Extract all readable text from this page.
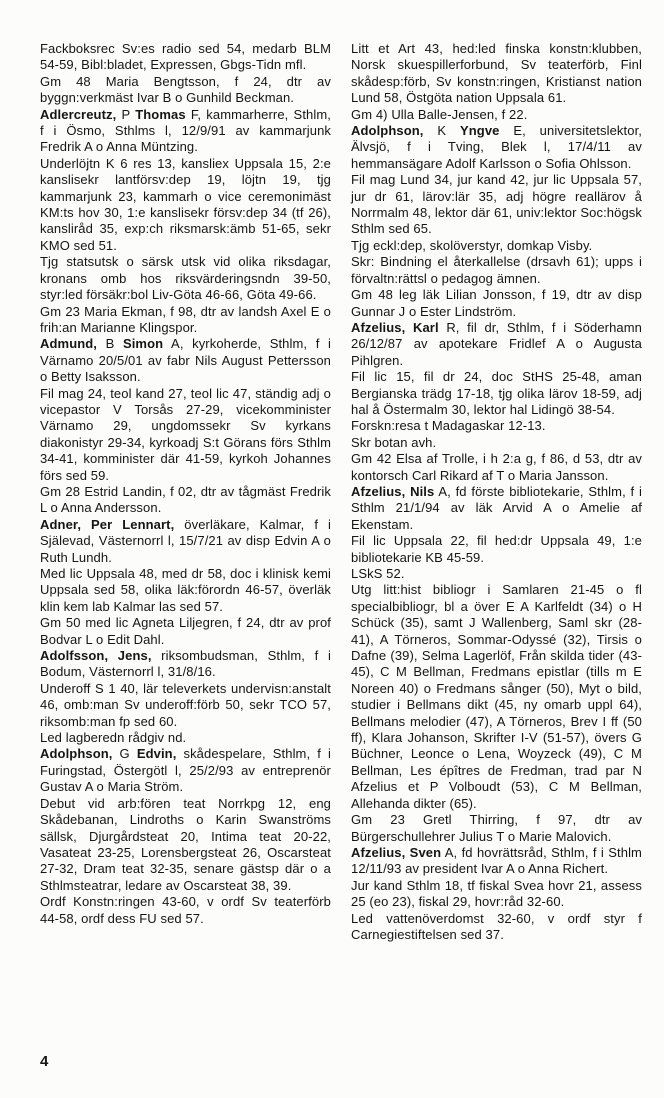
Fackboksrec Sv:es radio sed 54, medarb BLM 54-59, Bibl:bladet, Expressen, Gbgs-Tidn mfl.

Gm 48 Maria Bengtsson, f 24, dtr av byggn:verkmäst Ivar B o Gunhild Beckman.

Adlercreutz, P Thomas F, kammarherre, Sthlm, f i Ösmo, Sthlms l, 12/9/91 av kammarjunk Fredrik A o Anna Müntzing.

Underlöjtn K 6 res 13, kansliex Uppsala 15, 2:e kanslisekr lantförsv:dep 19, löjtn 19, tjg kammarjunk 23, kammarh o vice ceremonimäst KM:ts hov 30, 1:e kanslisekr försv:dep 34 (tf 26), kansliråd 35, exp:ch riksmarsk:ämb 51-65, sekr KMO sed 51.

Tjg statsutsk o särsk utsk vid olika riksdagar, kronans omb hos riksvärderingsndn 39-50, styr:led försäkr:bol Liv-Göta 46-66, Göta 49-66.

Gm 23 Maria Ekman, f 98, dtr av landsh Axel E o frih:an Marianne Klingspor.

Admund, B Simon A, kyrkoherde, Sthlm, f i Värnamo 20/5/01 av fabr Nils August Pettersson o Betty Isaksson.

Fil mag 24, teol kand 27, teol lic 47, ständig adj o vicepastor V Torsås 27-29, vicekomminister Värnamo 29, ungdomssekr Sv kyrkans diakonistyr 29-34, kyrkoadj S:t Görans förs Sthlm 34-41, komminister där 41-59, kyrkoh Johannes förs sed 59.

Gm 28 Estrid Landin, f 02, dtr av tågmäst Fredrik L o Anna Andersson.

Adner, Per Lennart, överläkare, Kalmar, f i Själevad, Västernorrl l, 15/7/21 av disp Edvin A o Ruth Lundh.

Med lic Uppsala 48, med dr 58, doc i klinisk kemi Uppsala sed 58, olika läk:förordn 46-57, överläk klin kem lab Kalmar las sed 57.

Gm 50 med lic Agneta Liljegren, f 24, dtr av prof Bodvar L o Edit Dahl.

Adolfsson, Jens, riksombudsman, Sthlm, f i Bodum, Västernorrl l, 31/8/16.

Underoff S 1 40, lär televerkets undervisn:anstalt 46, omb:man Sv underoff:förb 50, sekr TCO 57, riksomb:man fp sed 60.

Led lagberedn rådgiv nd.

Adolphson, G Edvin, skådespelare, Sthlm, f i Furingstad, Östergötl l, 25/2/93 av entreprenör Gustav A o Maria Ström.

Debut vid arb:fören teat Norrkpg 12, eng Skådebanan, Lindroths o Karin Swanströms sällsk, Djurgårdsteat 20, Intima teat 20-22, Vasateat 23-25, Lorensbergsteat 26, Oscarsteat 27-32, Dram teat 32-35, senare gästsp där o a Sthlmsteatrar, ledare av Oscarsteat 38, 39.

Ordf Konstn:ringen 43-60, v ordf Sv teaterförb 44-58, ordf dess FU sed 57.

Litt et Art 43, hed:led finska konstn:klubben, Norsk skuespillerforbund, Sv teaterförb, Finl skådesp:förb, Sv konstn:ringen, Kristianst nation Lund 58, Östgöta nation Uppsala 61.

Gm 4) Ulla Balle-Jensen, f 22.

Adolphson, K Yngve E, universitetslektor, Älvsjö, f i Tving, Blek l, 17/4/11 av hemmansägare Adolf Karlsson o Sofia Ohlsson.

Fil mag Lund 34, jur kand 42, jur lic Uppsala 57, jur dr 61, lärov:lär 35, adj högre reallärov å Norrmalm 48, lektor där 61, univ:lektor Soc:högsk Sthlm sed 65.

Tjg eckl:dep, skolöverstyr, domkap Visby.

Skr: Bindning el återkallelse (drsavh 61); upps i förvaltn:rättsl o pedagog ämnen.

Gm 48 leg läk Lilian Jonsson, f 19, dtr av disp Gunnar J o Ester Lindström.

Afzelius, Karl R, fil dr, Sthlm, f i Söderhamn 26/12/87 av apotekare Fridlef A o Augusta Pihlgren.

Fil lic 15, fil dr 24, doc StHS 25-48, aman Bergianska trädg 17-18, tjg olika lärov 18-59, adj hal å Östermalm 30, lektor hal Lidingö 38-54.

Forskn:resa t Madagaskar 12-13.

Skr botan avh.

Gm 42 Elsa af Trolle, i h 2:a g, f 86, d 53, dtr av kontorsch Carl Rikard af T o Maria Jansson.

Afzelius, Nils A, fd förste bibliotekarie, Sthlm, f i Sthlm 21/1/94 av läk Arvid A o Amelie af Ekenstam.

Fil lic Uppsala 22, fil hed:dr Uppsala 49, 1:e bibliotekarie KB 45-59.

LSkS 52.

Utg litt:hist bibliogr i Samlaren 21-45 o fl specialbibliogr, bl a över E A Karlfeldt (34) o H Schück (35), samt J Wallenberg, Saml skr (28-41), A Törneros, Sommar-Odyssé (32), Tirsis o Dafne (39), Selma Lagerlöf, Från skilda tider (43-45), C M Bellman, Fredmans epistlar (tills m E Noreen 40) o Fredmans sånger (50), Myt o bild, studier i Bellmans dikt (45, ny omarb uppl 64), Bellmans melodier (47), A Törneros, Brev I ff (50 ff), Klara Johanson, Skrifter I-V (51-57), övers G Büchner, Leonce o Lena, Woyzeck (49), C M Bellman, Les épîtres de Fredman, trad par N Afzelius et P Volboudt (53), C M Bellman, Allehanda dikter (65).

Gm 23 Gretl Thirring, f 97, dtr av Bürgerschullehrer Julius T o Marie Malovich.

Afzelius, Sven A, fd hovrättsråd, Sthlm, f i Sthlm 12/11/93 av president Ivar A o Anna Richert.

Jur kand Sthlm 18, tf fiskal Svea hovr 21, assess 25 (eo 23), fiskal 29, hovr:råd 32-60.

Led vattenöverdomst 32-60, v ordf styr f Carnegiestiftelsen sed 37.

4
